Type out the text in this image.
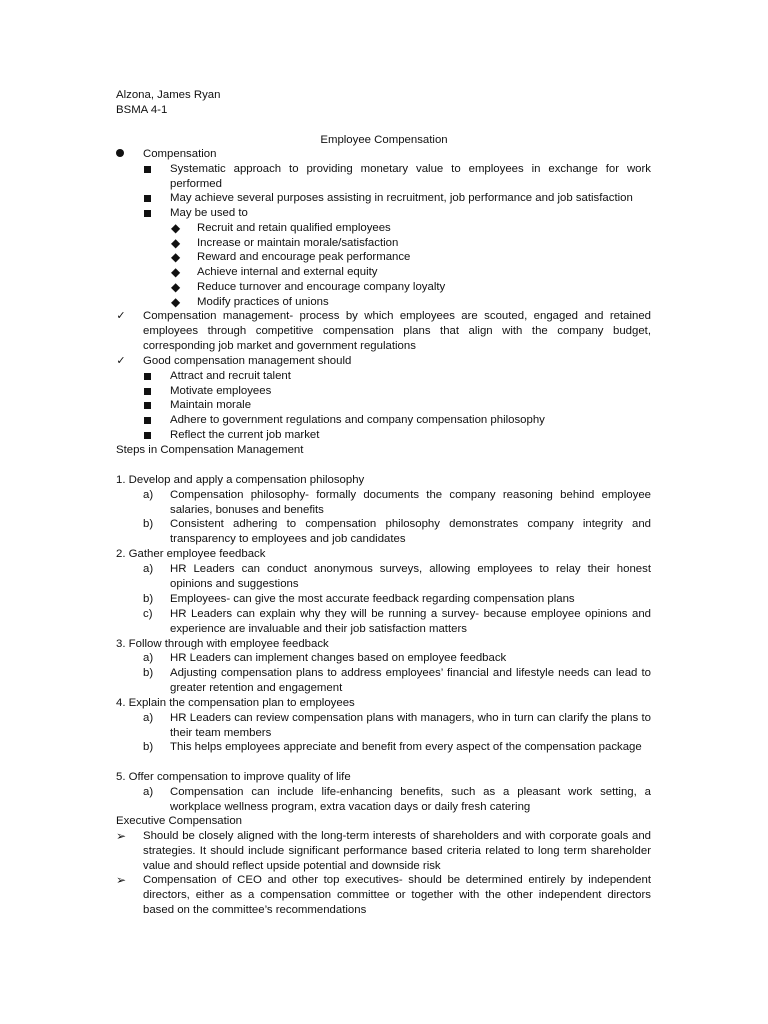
Alzona, James Ryan
BSMA 4-1
Employee Compensation
Compensation
Systematic approach to providing monetary value to employees in exchange for work performed
May achieve several purposes assisting in recruitment, job performance and job satisfaction
May be used to
◆ Recruit and retain qualified employees
◆ Increase or maintain morale/satisfaction
◆ Reward and encourage peak performance
◆ Achieve internal and external equity
◆ Reduce turnover and encourage company loyalty
◆ Modify practices of unions
✓ Compensation management- process by which employees are scouted, engaged and retained employees through competitive compensation plans that align with the company budget, corresponding job market and government regulations
✓ Good compensation management should
Attract and recruit talent
Motivate employees
Maintain morale
Adhere to government regulations and company compensation philosophy
Reflect the current job market
Steps in Compensation Management
1. Develop and apply a compensation philosophy
a) Compensation philosophy- formally documents the company reasoning behind employee salaries, bonuses and benefits
b) Consistent adhering to compensation philosophy demonstrates company integrity and transparency to employees and job candidates
2. Gather employee feedback
a) HR Leaders can conduct anonymous surveys, allowing employees to relay their honest opinions and suggestions
b) Employees- can give the most accurate feedback regarding compensation plans
c) HR Leaders can explain why they will be running a survey- because employee opinions and experience are invaluable and their job satisfaction matters
3. Follow through with employee feedback
a) HR Leaders can implement changes based on employee feedback
b) Adjusting compensation plans to address employees’ financial and lifestyle needs can lead to greater retention and engagement
4. Explain the compensation plan to employees
a) HR Leaders can review compensation plans with managers, who in turn can clarify the plans to their team members
b) This helps employees appreciate and benefit from every aspect of the compensation package
5. Offer compensation to improve quality of life
a) Compensation can include life-enhancing benefits, such as a pleasant work setting, a workplace wellness program, extra vacation days or daily fresh catering
Executive Compensation
➢ Should be closely aligned with the long-term interests of shareholders and with corporate goals and strategies. It should include significant performance based criteria related to long term shareholder value and should reflect upside potential and downside risk
➢ Compensation of CEO and other top executives- should be determined entirely by independent directors, either as a compensation committee or together with the other independent directors based on the committee’s recommendations
